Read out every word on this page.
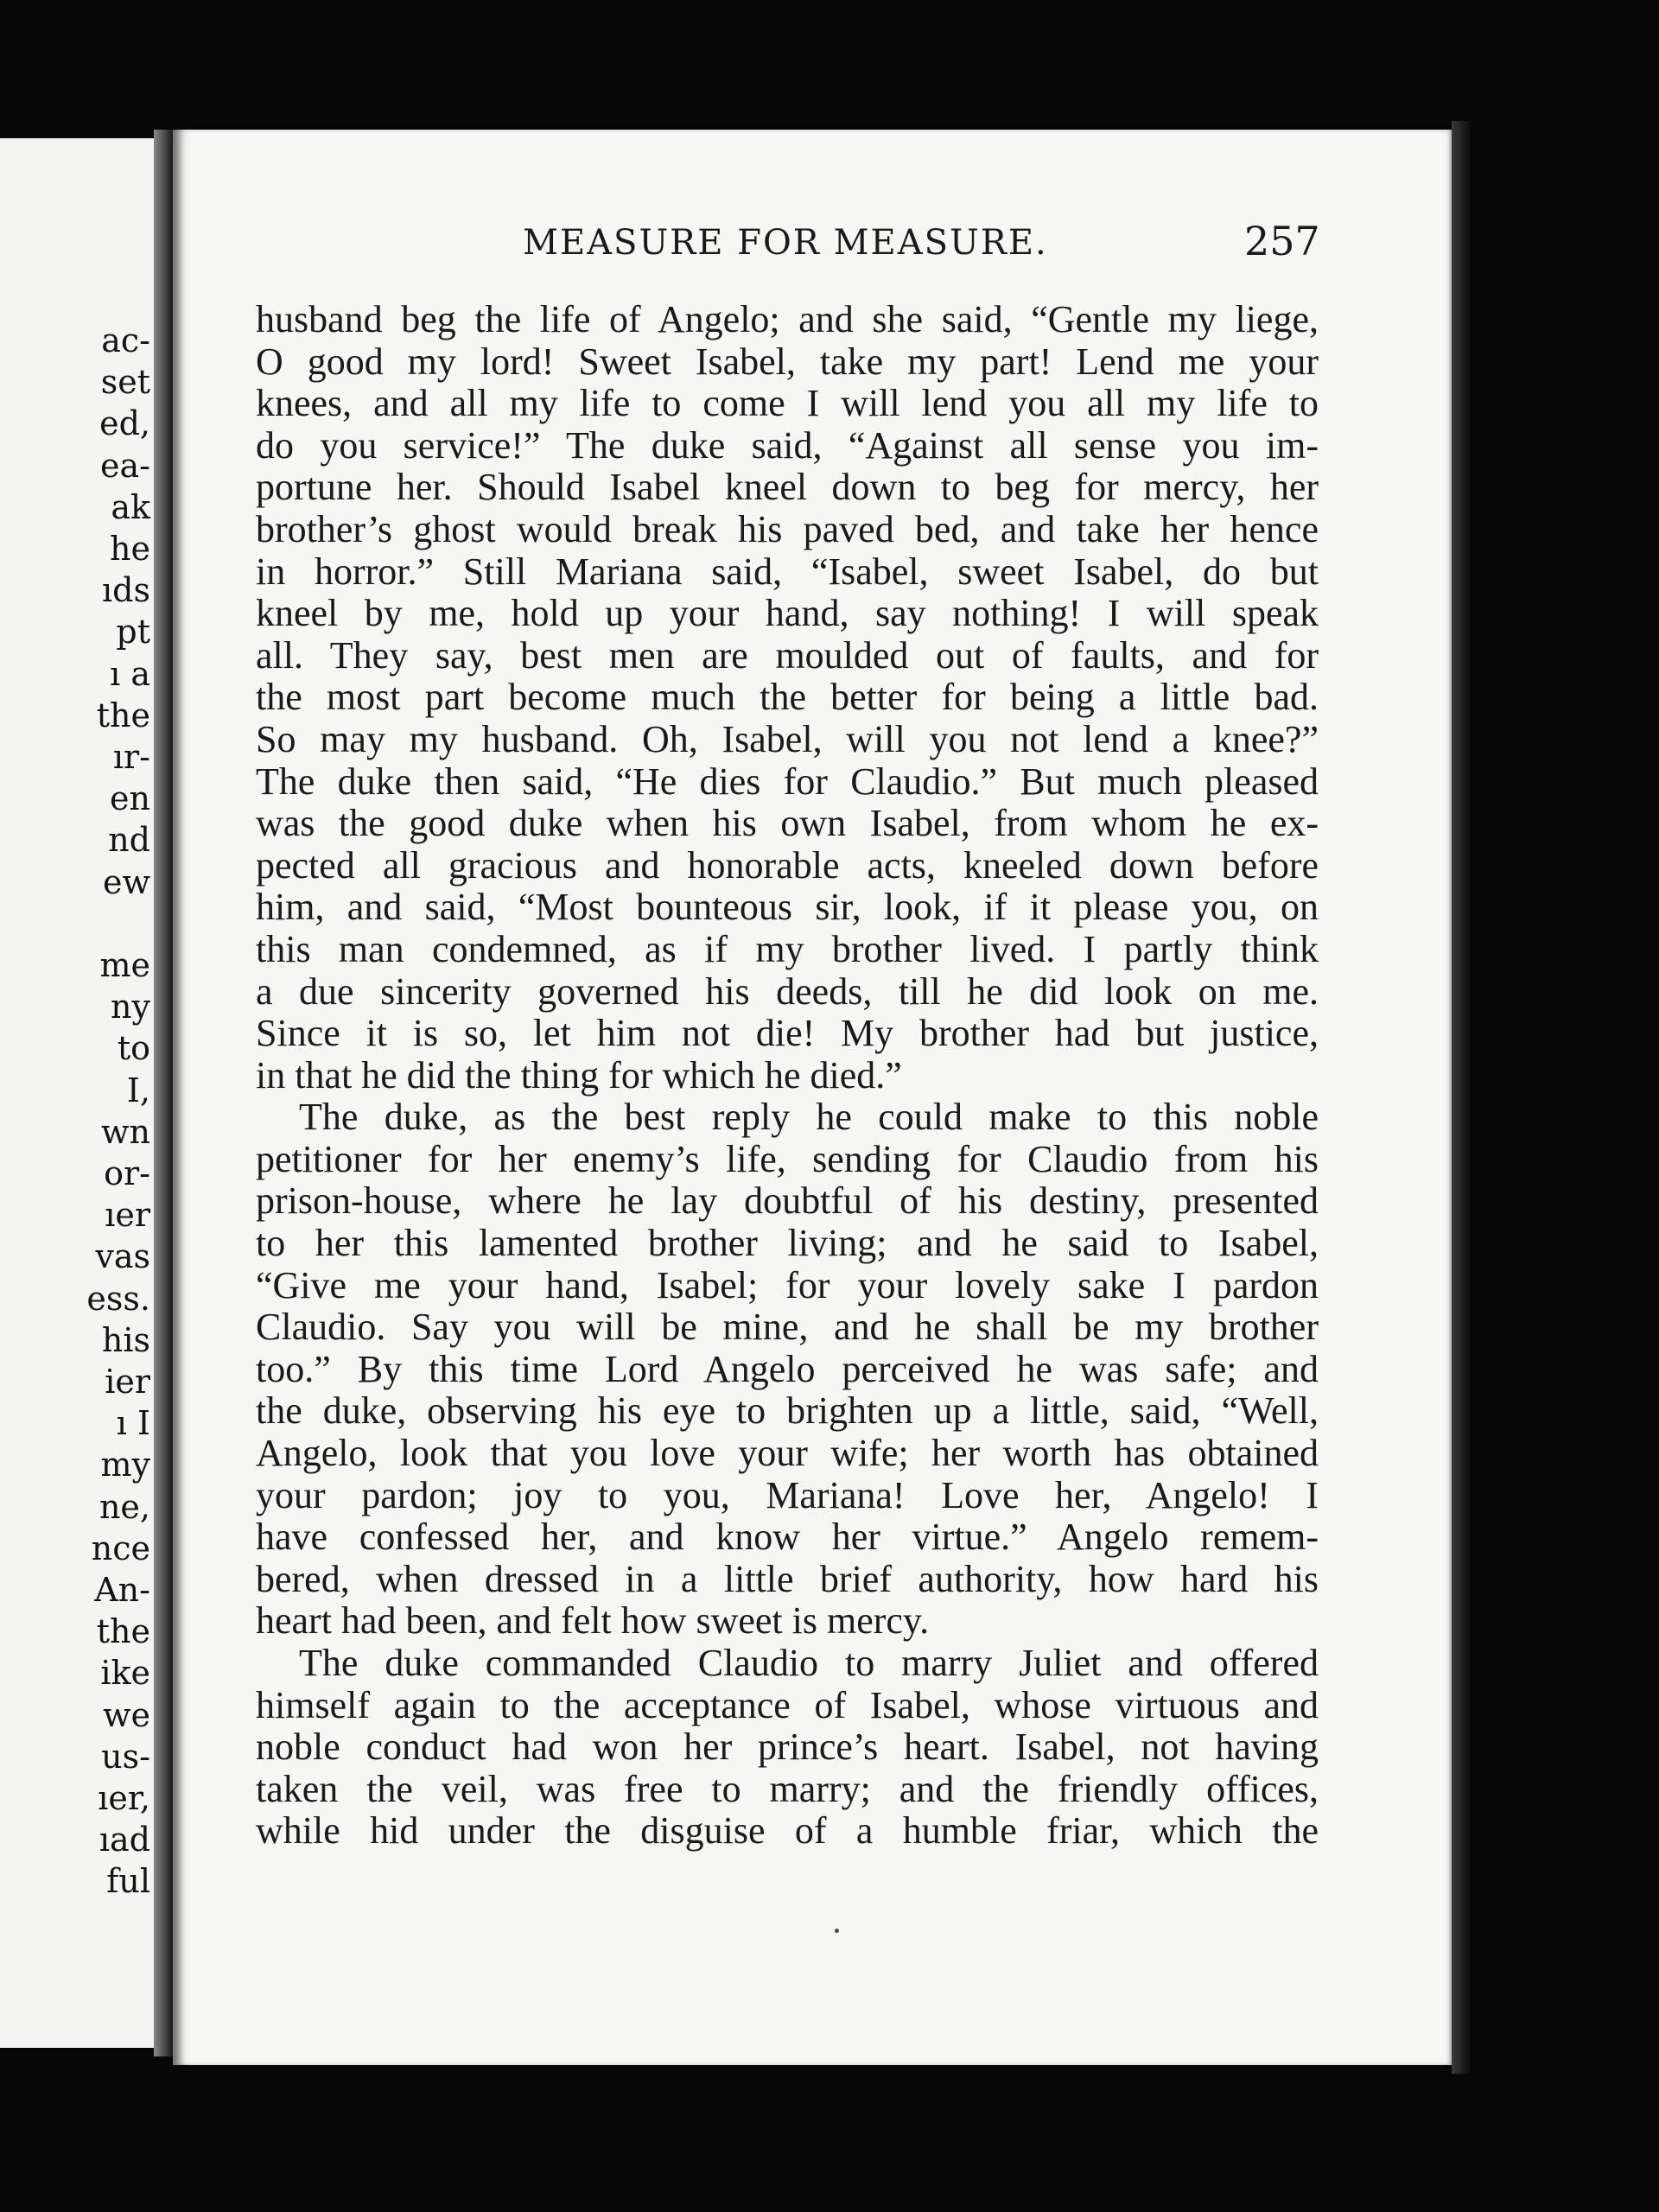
ac-
set
ed,
ea-
ak
he
ıds
pt
ı a
the
ır-
en
nd
ew
me
ny
to
I,
wn
or-
ıer
vas
ess.
his
ier
ı I
my
ne,
nce
An-
the
ike
we
us-
ıer,
ıad
ful
MEASURE FOR MEASURE.	257
husband beg the life of Angelo; and she said, “Gentle my liege,
O good my lord! Sweet Isabel, take my part! Lend me your
knees, and all my life to come I will lend you all my life to
do you service!” The duke said, “Against all sense you im-
portune her. Should Isabel kneel down to beg for mercy, her
brother’s ghost would break his paved bed, and take her hence
in horror.” Still Mariana said, “Isabel, sweet Isabel, do but
kneel by me, hold up your hand, say nothing! I will speak
all. They say, best men are moulded out of faults, and for
the most part become much the better for being a little bad.
So may my husband. Oh, Isabel, will you not lend a knee?”
The duke then said, “He dies for Claudio.” But much pleased
was the good duke when his own Isabel, from whom he ex-
pected all gracious and honorable acts, kneeled down before
him, and said, “Most bounteous sir, look, if it please you, on
this man condemned, as if my brother lived. I partly think
a due sincerity governed his deeds, till he did look on me.
Since it is so, let him not die! My brother had but justice,
in that he did the thing for which he died.”
The duke, as the best reply he could make to this noble
petitioner for her enemy’s life, sending for Claudio from his
prison-house, where he lay doubtful of his destiny, presented
to her this lamented brother living; and he said to Isabel,
“Give me your hand, Isabel; for your lovely sake I pardon
Claudio. Say you will be mine, and he shall be my brother
too.” By this time Lord Angelo perceived he was safe; and
the duke, observing his eye to brighten up a little, said, “Well,
Angelo, look that you love your wife; her worth has obtained
your pardon; joy to you, Mariana! Love her, Angelo! I
have confessed her, and know her virtue.” Angelo remem-
bered, when dressed in a little brief authority, how hard his
heart had been, and felt how sweet is mercy.
The duke commanded Claudio to marry Juliet and offered
himself again to the acceptance of Isabel, whose virtuous and
noble conduct had won her prince’s heart. Isabel, not having
taken the veil, was free to marry; and the friendly offices,
while hid under the disguise of a humble friar, which the
